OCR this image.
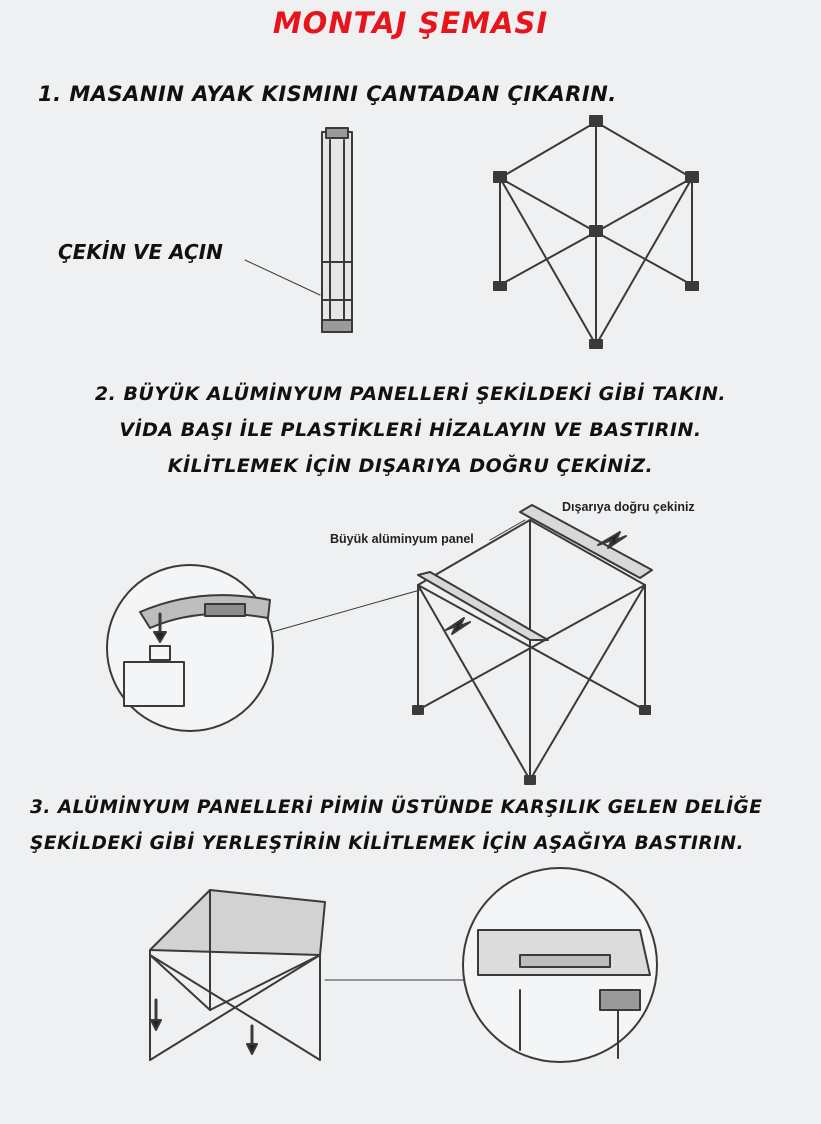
MONTAJ ŞEMASI
1. MASANIN AYAK KISMINI ÇANTADAN ÇIKARIN.
ÇEKİN VE AÇIN
2. BÜYÜK ALÜMİNYUM PANELLERİ ŞEKİLDEKİ GİBİ TAKIN.
VİDA BAŞI İLE PLASTİKLERİ HİZALAYIN VE BASTIRIN.
KİLİTLEMEK İÇİN DIŞARIYA DOĞRU ÇEKİNİZ.
Büyük alüminyum panel
Dışarıya doğru çekiniz
3. ALÜMİNYUM PANELLERİ PİMİN ÜSTÜNDE KARŞILIK GELEN DELİĞE
ŞEKİLDEKİ GİBİ YERLEŞTİRİN KİLİTLEMEK İÇİN AŞAĞIYA BASTIRIN.
